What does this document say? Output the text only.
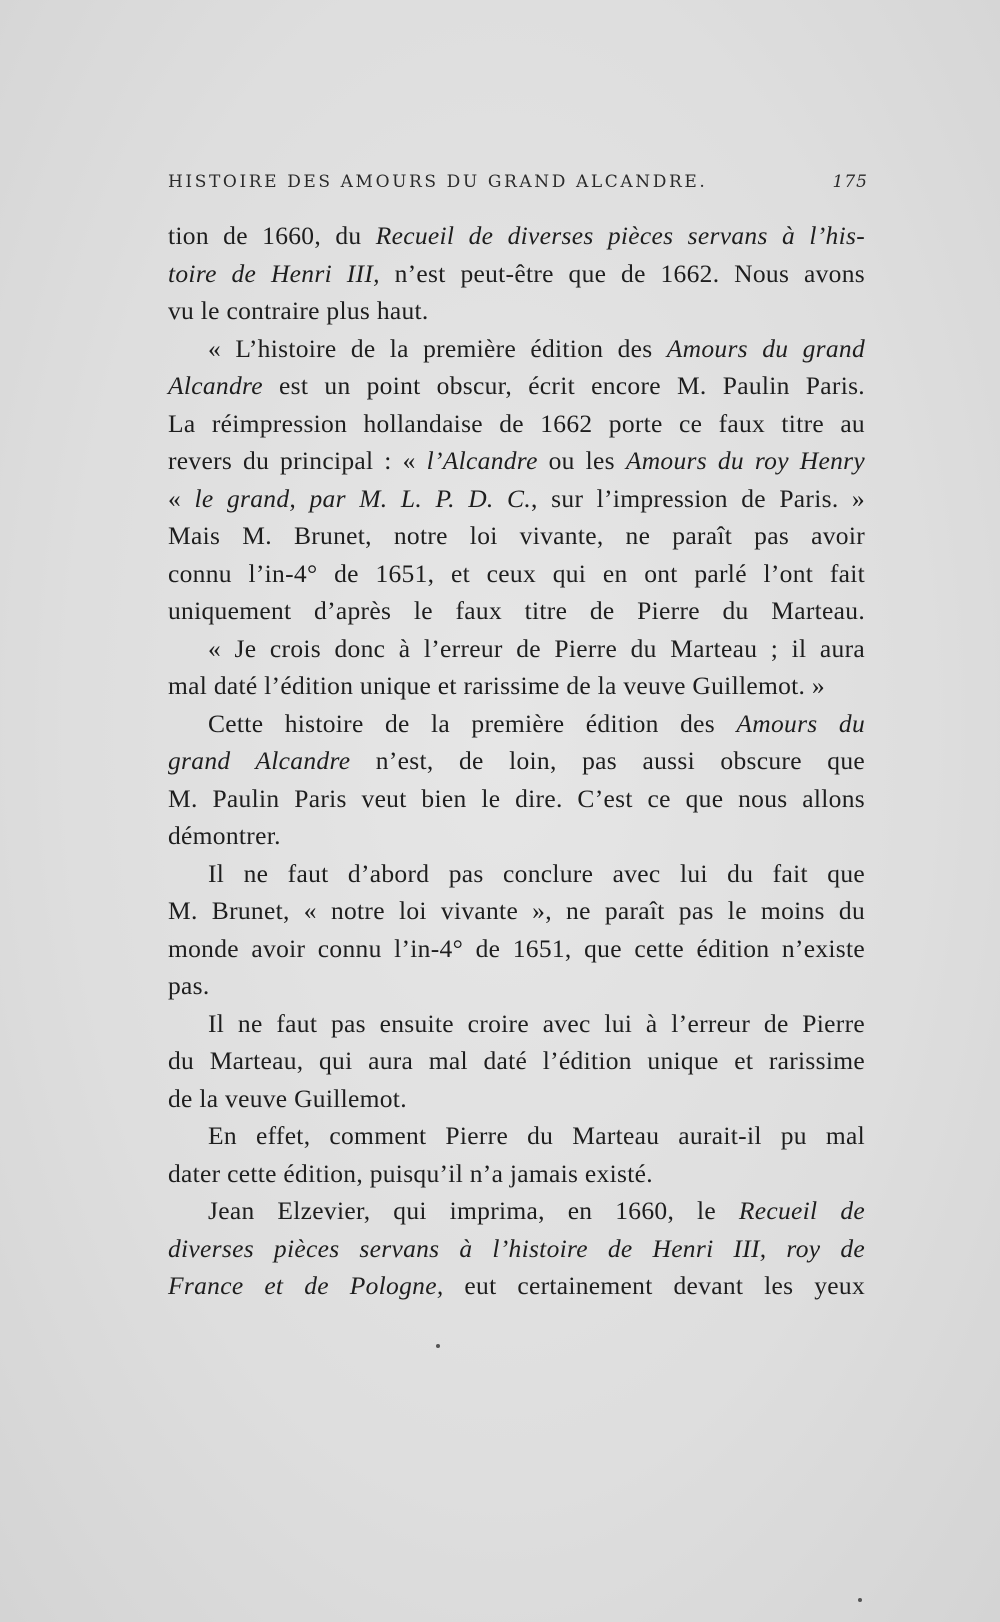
HISTOIRE DES AMOURS DU GRAND ALCANDRE.	175
tion de 1660, du Recueil de diverses pièces servans à l’his-
toire de Henri III, n’est peut-être que de 1662. Nous avons
vu le contraire plus haut.
« L’histoire de la première édition des Amours du grand
Alcandre est un point obscur, écrit encore M. Paulin Paris.
La réimpression hollandaise de 1662 porte ce faux titre au
revers du principal : « l’Alcandre ou les Amours du roy Henry
« le grand, par M. L. P. D. C., sur l’impression de Paris. »
Mais M. Brunet, notre loi vivante, ne paraît pas avoir
connu l’in-4° de 1651, et ceux qui en ont parlé l’ont fait
uniquement d’après le faux titre de Pierre du Marteau.
« Je crois donc à l’erreur de Pierre du Marteau ; il aura
mal daté l’édition unique et rarissime de la veuve Guillemot. »
Cette histoire de la première édition des Amours du
grand Alcandre n’est, de loin, pas aussi obscure que
M. Paulin Paris veut bien le dire. C’est ce que nous allons
démontrer.
Il ne faut d’abord pas conclure avec lui du fait que
M. Brunet, « notre loi vivante », ne paraît pas le moins du
monde avoir connu l’in-4° de 1651, que cette édition n’existe
pas.
Il ne faut pas ensuite croire avec lui à l’erreur de Pierre
du Marteau, qui aura mal daté l’édition unique et rarissime
de la veuve Guillemot.
En effet, comment Pierre du Marteau aurait-il pu mal
dater cette édition, puisqu’il n’a jamais existé.
Jean Elzevier, qui imprima, en 1660, le Recueil de
diverses pièces servans à l’histoire de Henri III, roy de
France et de Pologne, eut certainement devant les yeux
